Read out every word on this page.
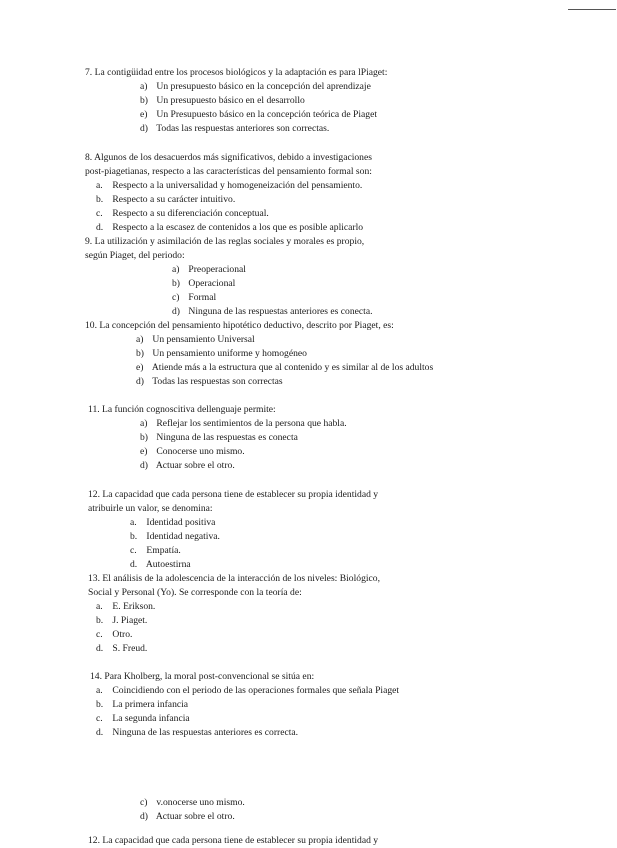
7. La contigüidad entre los procesos biológicos y la adaptación es para lPiaget:
a) Un presupuesto básico en la concepción del aprendizaje
b) Un presupuesto básico en el desarrollo
e) Un Presupuesto básico en la concepción teórica de Piaget
d) Todas las respuestas anteriores son correctas.
8. Algunos de los desacuerdos más significativos, debido a investigaciones
post-piagetianas, respecto a las características del pensamiento formal son:
a. Respecto a la universalidad y homogeneización del pensamiento.
b. Respecto a su carácter intuitivo.
c. Respecto a su diferenciación conceptual.
d. Respecto a la escasez de contenidos a los que es posible aplicarlo
9. La utilización y asimilación de las reglas sociales y morales es propio,
según Piaget, del periodo:
a) Preoperacional
b) Operacional
c) Formal
d) Ninguna de las respuestas anteriores es conecta.
10. La concepción del pensamiento hipotético deductivo, descrito por Piaget, es:
a) Un pensamiento Universal
b) Un pensamiento uniforme y homogéneo
e) Atiende más a la estructura que al contenido y es similar al de los adultos
d) Todas las respuestas son correctas
11. La función cognoscitiva dellenguaje permite:
a) Reflejar los sentimientos de la persona que habla.
b) Ninguna de las respuestas es conecta
e) Conocerse uno mismo.
d) Actuar sobre el otro.
12. La capacidad que cada persona tiene de establecer su propia identidad y
atribuirle un valor, se denomina:
a. Identidad positiva
b. Identidad negativa.
c. Empatía.
d. Autoestirna
13. El análisis de la adolescencia de la interacción de los niveles: Biológico,
Social y Personal (Yo). Se corresponde con la teoría de:
a. E. Erikson.
b. J. Piaget.
c. Otro.
d. S. Freud.
14. Para Kholberg, la moral post-convencional se sitúa en:
a. Coincidiendo con el periodo de las operaciones formales que señala Piaget
b. La primera infancia
c. La segunda infancia
d. Ninguna de las respuestas anteriores es correcta.
c) v.onocerse uno mismo.
d) Actuar sobre el otro.
12. La capacidad que cada persona tiene de establecer su propia identidad y
